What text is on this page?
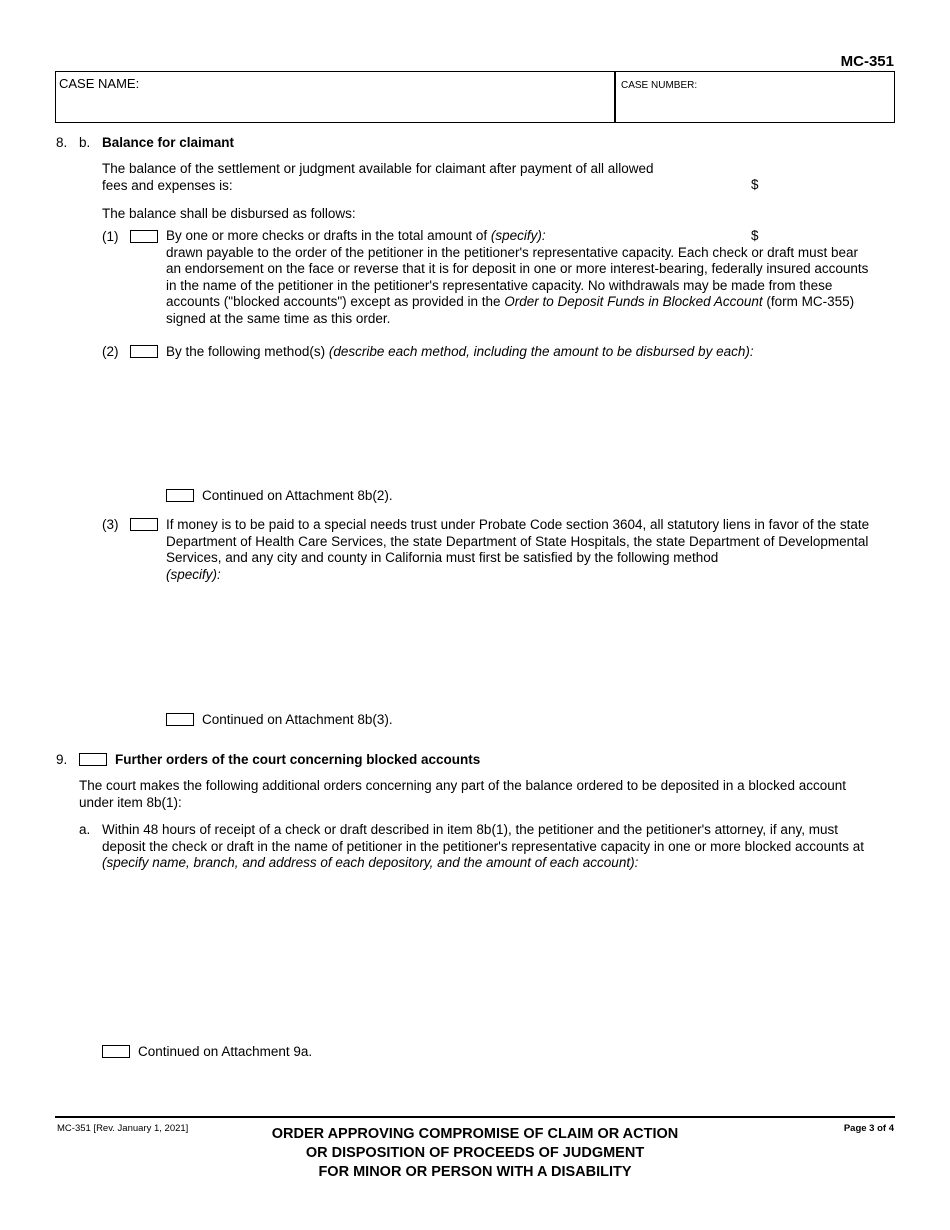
MC-351
CASE NAME:	CASE NUMBER:
8. b. Balance for claimant
The balance of the settlement or judgment available for claimant after payment of all allowed
fees and expenses is:	$
The balance shall be disbursed as follows:
(1)	By one or more checks or drafts in the total amount of (specify):
drawn payable to the order of the petitioner in the petitioner's representative capacity. Each check or draft must bear
an endorsement on the face or reverse that it is for deposit in one or more interest-bearing, federally insured accounts
in the name of the petitioner in the petitioner's representative capacity. No withdrawals may be made from these
accounts ("blocked accounts") except as provided in the Order to Deposit Funds in Blocked Account (form MC-355)
signed at the same time as this order.
$
(2)	By the following method(s) (describe each method, including the amount to be disbursed by each):
Continued on Attachment 8b(2).
(3)	If money is to be paid to a special needs trust under Probate Code section 3604, all statutory liens in favor of the state
Department of Health Care Services, the state Department of State Hospitals, the state Department of Developmental
Services, and any city and county in California must first be satisfied by the following method
(specify):
Continued on Attachment 8b(3).
9.	Further orders of the court concerning blocked accounts
The court makes the following additional orders concerning any part of the balance ordered to be deposited in a blocked account
under item 8b(1):
a. Within 48 hours of receipt of a check or draft described in item 8b(1), the petitioner and the petitioner's attorney, if any, must
deposit the check or draft in the name of petitioner in the petitioner's representative capacity in one or more blocked accounts at
(specify name, branch, and address of each depository, and the amount of each account):
Continued on Attachment 9a.
MC-351 [Rev. January 1, 2021]	Page 3 of 4
ORDER APPROVING COMPROMISE OF CLAIM OR ACTION
OR DISPOSITION OF PROCEEDS OF JUDGMENT
FOR MINOR OR PERSON WITH A DISABILITY
